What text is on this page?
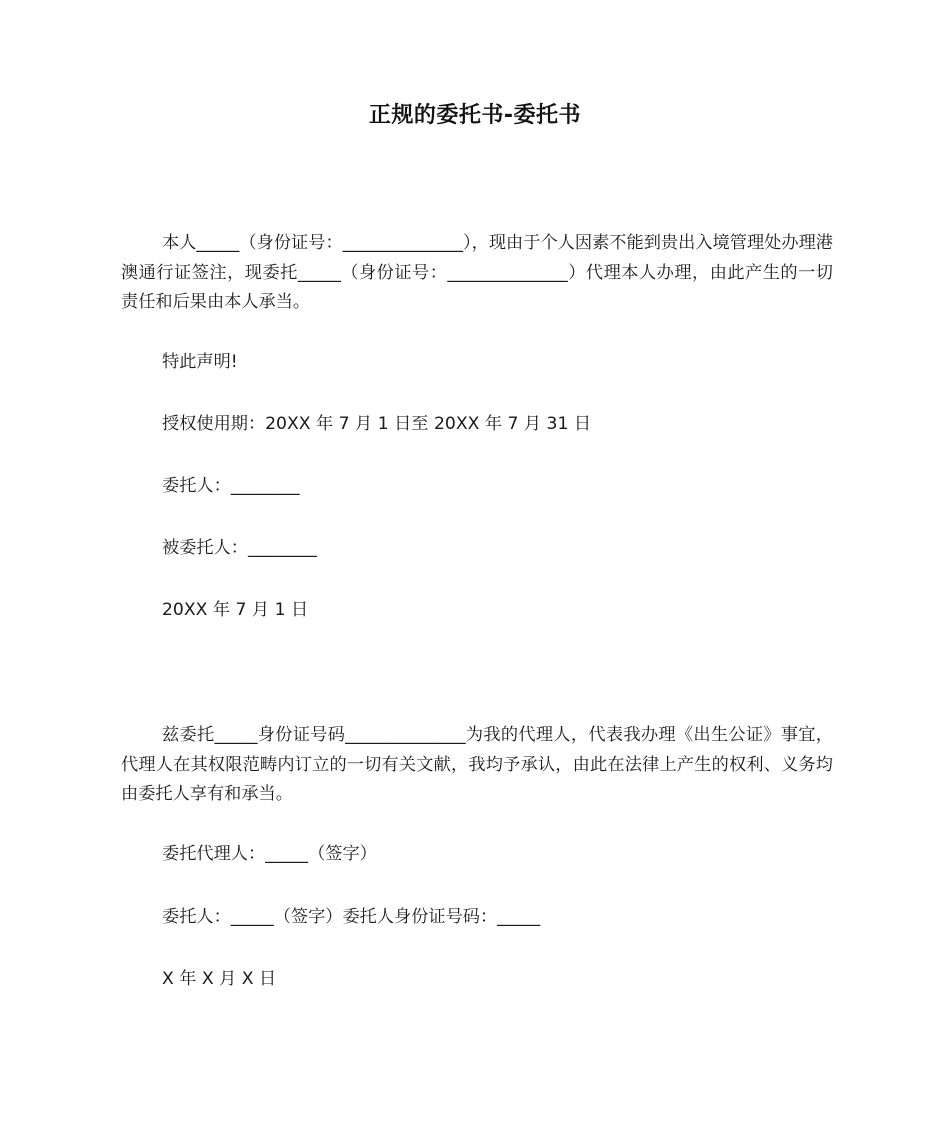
正规的委托书-委托书

本人_____（身份证号：______________），现由于个人因素不能到贵出入境管理处办理港澳通行证签注，现委托_____（身份证号：______________）代理本人办理，由此产生的一切责任和后果由本人承当。

特此声明!

授权使用期：20XX 年 7 月 1 日至 20XX 年 7 月 31 日

委托人：________

被委托人：________

20XX 年 7 月 1 日

兹委托_____身份证号码______________为我的代理人，代表我办理《出生公证》事宜，代理人在其权限范畴内订立的一切有关文献，我均予承认，由此在法律上产生的权利、义务均由委托人享有和承当。

委托代理人：_____（签字）

委托人：_____（签字）委托人身份证号码：_____

X 年 X 月 X 日
